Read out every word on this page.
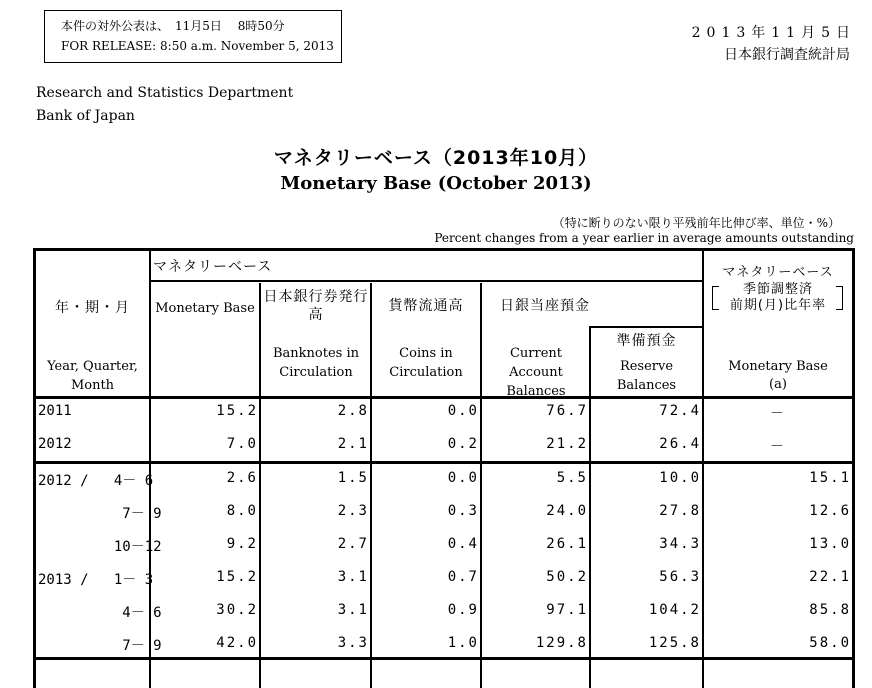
本件の対外公表は、　11月5日　 8時50分
FOR RELEASE: 8:50 a.m. November 5, 2013
2013年11月5日
日本銀行調査統計局
Research and Statistics Department
Bank of Japan
マネタリーベース（2013年10月）
Monetary Base (October 2013)
（特に断りのない限り平残前年比伸び率、単位・%）
Percent changes from a year earlier in average amounts outstanding
年・期・月
Year, Quarter, Month
マネタリーベース
Monetary Base
日本銀行券発行高
Banknotes in Circulation
貨幣流通高
Coins in Circulation
日銀当座預金
Current Account Balances
準備預金
Reserve Balances
マネタリーベース
季節調整済
前期(月)比年率
Monetary Base
(a)
2011	15.2	2.8	0.0	76.7	72.4	－
2012	7.0	2.1	0.2	21.2	26.4	－
2012 /   4－ 6	2.6	1.5	0.0	5.5	10.0	15.1
7－ 9	8.0	2.3	0.3	24.0	27.8	12.6
10－12	9.2	2.7	0.4	26.1	34.3	13.0
2013 /   1－ 3	15.2	3.1	0.7	50.2	56.3	22.1
4－ 6	30.2	3.1	0.9	97.1	104.2	85.8
7－ 9	42.0	3.3	1.0	129.8	125.8	58.0
